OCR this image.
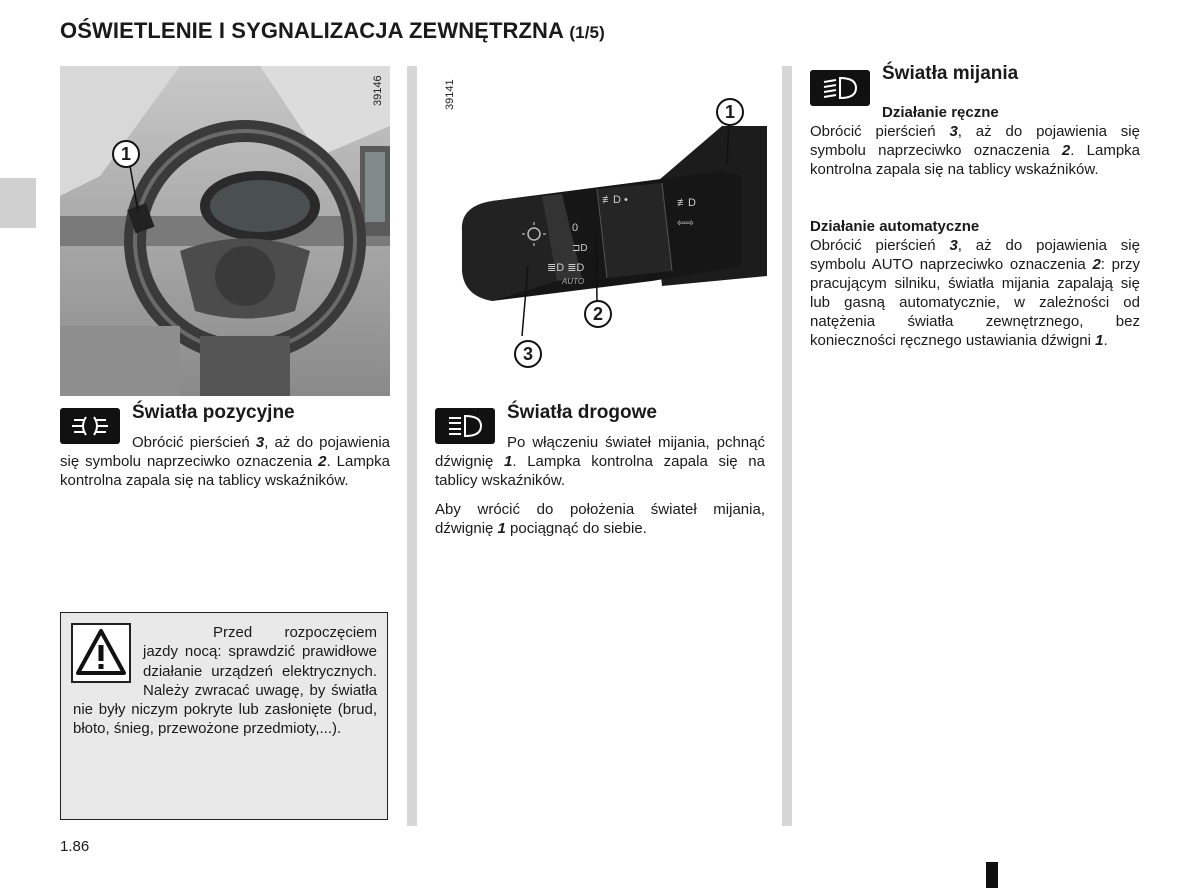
OŚWIETLENIE I SYGNALIZACJA ZEWNĘTRZNA (1/5)
1
39146
0
⊐D
≣D ≣D
AUTO
≢D •	≢D
⇦⇨
1
2
3
39141
Światła pozycyjne
Obrócić pierścień 3, aż do pojawienia się symbolu naprzeciwko oznaczenia 2. Lampka kontrolna zapala się na tablicy wskaźników.
Światła drogowe
Po włączeniu świateł mijania, pchnąć dźwignię 1. Lampka kontrolna zapala się na tablicy wskaźników.
Aby wrócić do położenia świateł mijania, dźwignię 1 pociągnąć do siebie.
Światła mijania
Działanie ręczne
Obrócić pierścień 3, aż do pojawienia się symbolu naprzeciwko oznaczenia 2. Lampka kontrolna zapala się na tablicy wskaźników.
Działanie automatyczne
Obrócić pierścień 3, aż do pojawienia się symbolu AUTO naprzeciwko oznaczenia 2: przy pracującym silniku, światła mijania zapalają się lub gasną automatycznie, w zależności od natężenia światła zewnętrznego, bez konieczności ręcznego ustawiania dźwigni 1.
Przed rozpoczęciem jazdy nocą: sprawdzić prawidłowe działanie urządzeń elektrycznych. Należy zwracać uwagę, by światła nie były niczym pokryte lub zasłonięte (brud, błoto, śnieg, przewożone przedmioty,...).
1.86
